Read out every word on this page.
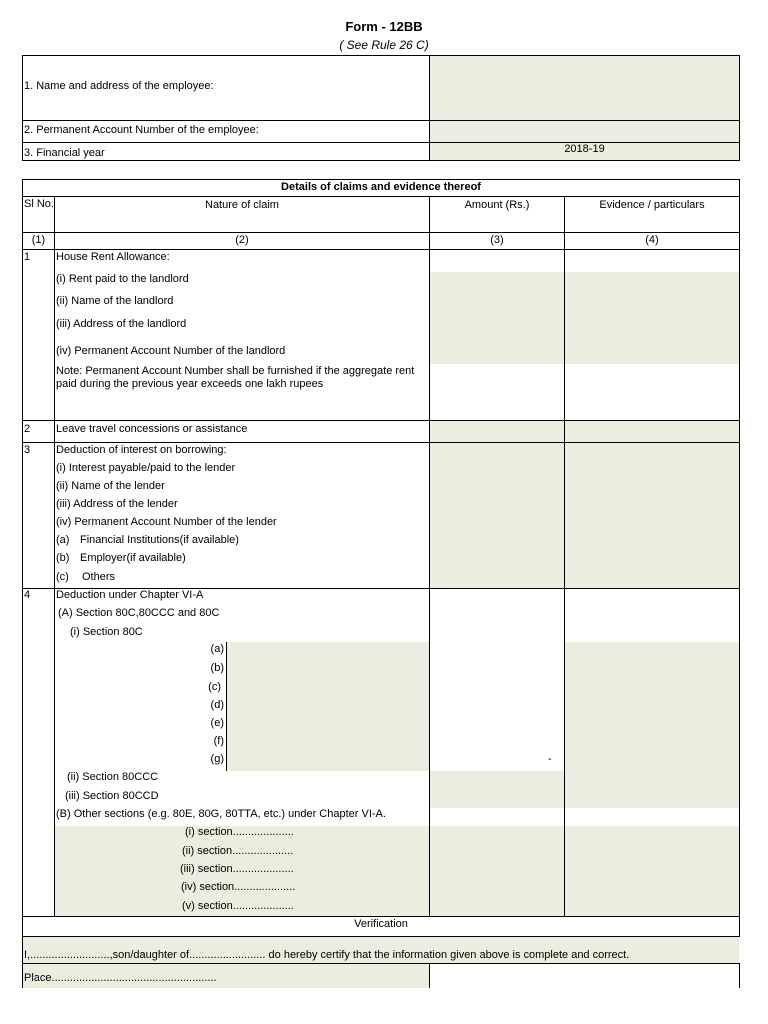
Form - 12BB
( See Rule 26 C)
1. Name and address of the employee:
2. Permanent Account Number of the employee:
3. Financial year	2018-19
Details of claims and evidence thereof
Sl No.	Nature of claim	Amount (Rs.)	Evidence / particulars
(1)	(2)	(3)	(4)
1 House Rent Allowance:
(i) Rent paid to the landlord
(ii) Name of the landlord
(iii) Address of the landlord
(iv) Permanent Account Number of the landlord
Note: Permanent Account Number shall be furnished if the aggregate rent paid during the previous year exceeds one lakh rupees
2 Leave travel concessions or assistance
3 Deduction of interest on borrowing:
(i) Interest payable/paid to the lender
(ii) Name of the lender
(iii) Address of the lender
(iv) Permanent Account Number of the lender
(a) Financial Institutions(if available)
(b) Employer(if available)
(c) Others
4 Deduction under Chapter VI-A
(A) Section 80C,80CCC and 80C
(i) Section 80C
(a)
(b)
(c)
(d)
(e)
(f)
(g)	-
(ii) Section 80CCC
(iii) Section 80CCD
(B) Other sections (e.g. 80E, 80G, 80TTA, etc.) under Chapter VI-A.
(i) section....................
(ii) section....................
(iii) section....................
(iv) section....................
(v) section....................
Verification
I,..........................,son/daughter of......................... do hereby certify that the information given above is complete and correct.
Place......................................................
